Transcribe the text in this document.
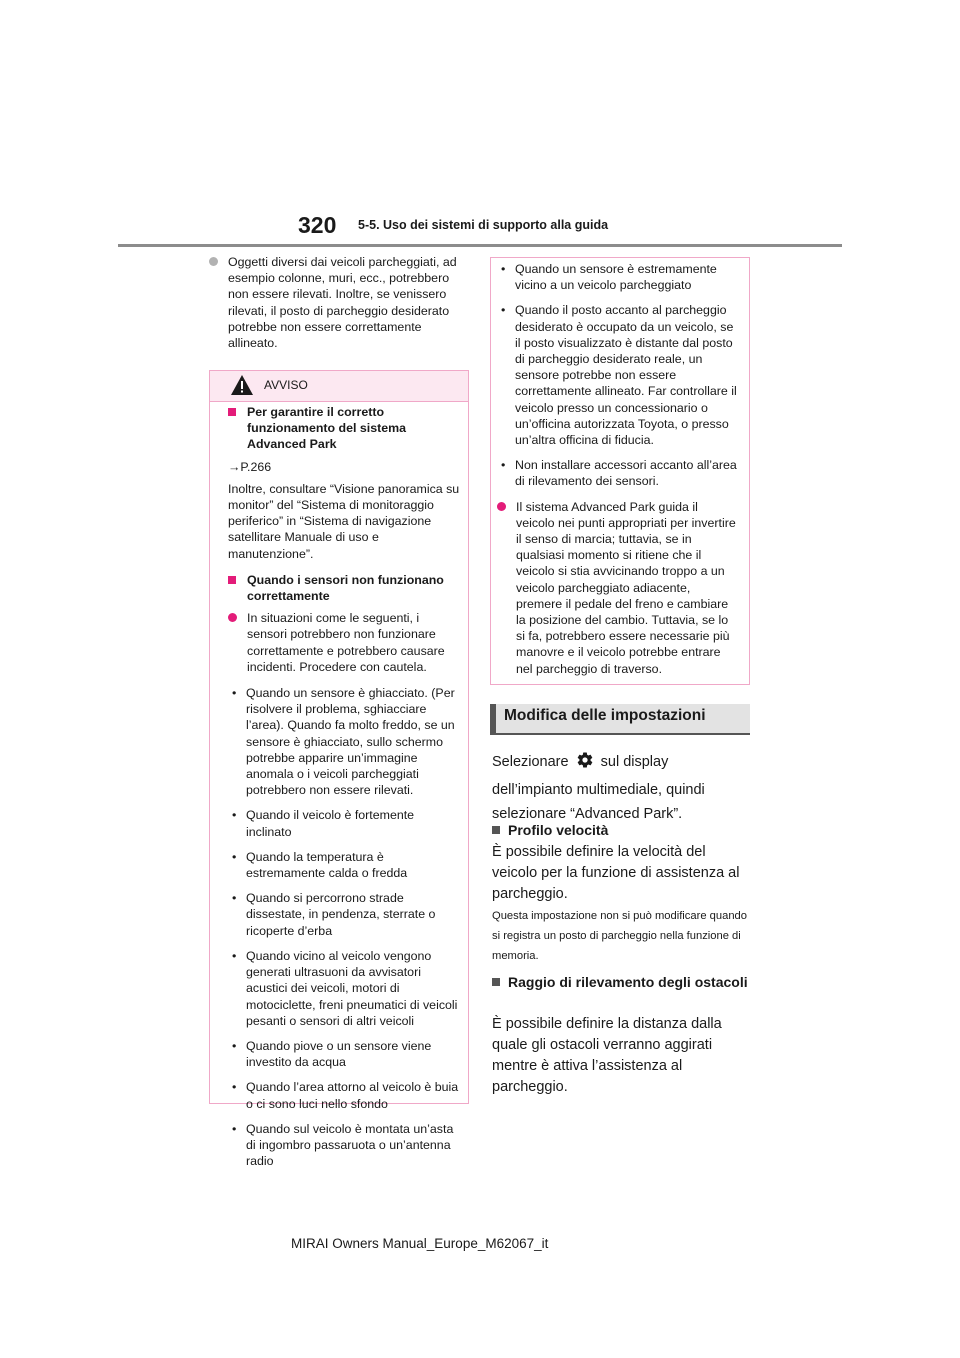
320 5-5. Uso dei sistemi di supporto alla guida
Oggetti diversi dai veicoli parcheggiati, ad esempio colonne, muri, ecc., potrebbero non essere rilevati. Inoltre, se venissero rilevati, il posto di parcheggio desiderato potrebbe non essere correttamente allineato.
AVVISO
Per garantire il corretto funzionamento del sistema Advanced Park
→P.266
Inoltre, consultare “Visione panoramica su monitor” del “Sistema di monitoraggio periferico” in “Sistema di navigazione satellitare Manuale di uso e manutenzione”.
Quando i sensori non funzionano correttamente
In situazioni come le seguenti, i sensori potrebbero non funzionare correttamente e potrebbero causare incidenti. Procedere con cautela.
• Quando un sensore è ghiacciato. (Per risolvere il problema, sghiacciare l’area). Quando fa molto freddo, se un sensore è ghiacciato, sullo schermo potrebbe apparire un’immagine anomala o i veicoli parcheggiati potrebbero non essere rilevati.
• Quando il veicolo è fortemente inclinato
• Quando la temperatura è estremamente calda o fredda
• Quando si percorrono strade dissestate, in pendenza, sterrate o ricoperte d’erba
• Quando vicino al veicolo vengono generati ultrasuoni da avvisatori acustici dei veicoli, motori di motociclette, freni pneumatici di veicoli pesanti o sensori di altri veicoli
• Quando piove o un sensore viene investito da acqua
• Quando l’area attorno al veicolo è buia o ci sono luci nello sfondo
• Quando sul veicolo è montata un’asta di ingombro passaruota o un’antenna radio
• Quando un sensore è estremamente vicino a un veicolo parcheggiato
• Quando il posto accanto al parcheggio desiderato è occupato da un veicolo, se il posto visualizzato è distante dal posto di parcheggio desiderato reale, un sensore potrebbe non essere correttamente allineato. Far controllare il veicolo presso un concessionario o un’officina autorizzata Toyota, o presso un’altra officina di fiducia.
• Non installare accessori accanto all’area di rilevamento dei sensori.
Il sistema Advanced Park guida il veicolo nei punti appropriati per invertire il senso di marcia; tuttavia, se in qualsiasi momento si ritiene che il veicolo si stia avvicinando troppo a un veicolo parcheggiato adiacente, premere il pedale del freno e cambiare la posizione del cambio. Tuttavia, se lo si fa, potrebbero essere necessarie più manovre e il veicolo potrebbe entrare nel parcheggio di traverso.
Modifica delle impostazioni
Selezionare sul display
dell’impianto multimediale, quindi selezionare “Advanced Park”.
Profilo velocità
È possibile definire la velocità del veicolo per la funzione di assistenza al parcheggio.
Questa impostazione non si può modificare quando si registra un posto di parcheggio nella funzione di memoria.
Raggio di rilevamento degli ostacoli
È possibile definire la distanza dalla quale gli ostacoli verranno aggirati mentre è attiva l’assistenza al parcheggio.
MIRAI Owners Manual_Europe_M62067_it
